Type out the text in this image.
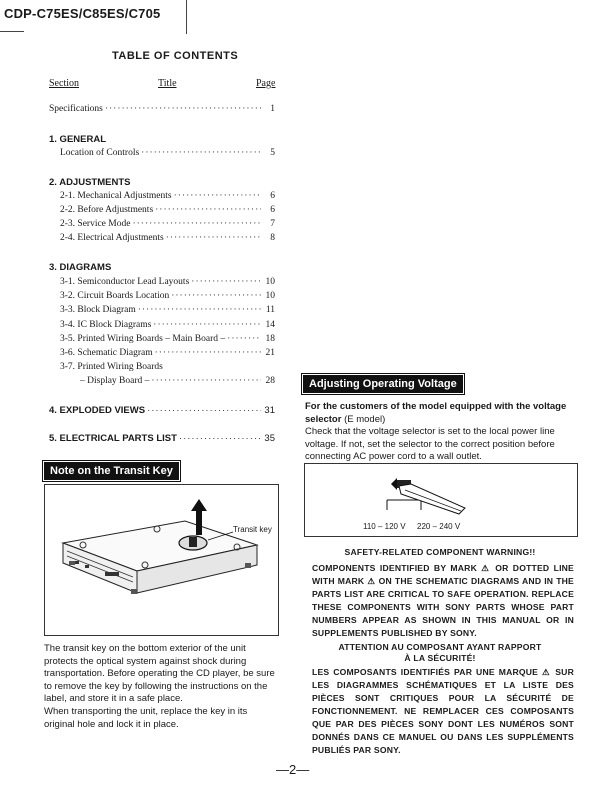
CDP-C75ES/C85ES/C705
TABLE OF CONTENTS
Section	Title	Page
Specifications ·····	1
1. GENERAL
Location of Controls ·····	5
2. ADJUSTMENTS
2-1. Mechanical Adjustments ·····	6
2-2. Before Adjustments ·····	6
2-3. Service Mode ·····	7
2-4. Electrical Adjustments ·····	8
3. DIAGRAMS
3-1. Semiconductor Lead Layouts ·····	10
3-2. Circuit Boards Location ·····	10
3-3. Block Diagram ·····	11
3-4. IC Block Diagrams ·····	14
3-5. Printed Wiring Boards – Main Board – ·····	18
3-6. Schematic Diagram ·····	21
3-7. Printed Wiring Boards
– Display Board – ·····	28
4. EXPLODED VIEWS ·····	31
5. ELECTRICAL PARTS LIST ·····	35
Note on the Transit Key
Transit key
The transit key on the bottom exterior of the unit protects the optical system against shock during transportation. Before operating the CD player, be sure to remove the key by following the instructions on the label, and store it in a safe place.
When transporting the unit, replace the key in its original hole and lock it in place.
Adjusting Operating Voltage
For the customers of the model equipped with the voltage selector (E model)
Check that the voltage selector is set to the local power line voltage. If not, set the selector to the correct position before connecting AC power cord to a wall outlet.
110 – 120 V 220 – 240 V
SAFETY-RELATED COMPONENT WARNING!!
COMPONENTS IDENTIFIED BY MARK ⚠ OR DOTTED LINE WITH MARK ⚠ ON THE SCHEMATIC DIAGRAMS AND IN THE PARTS LIST ARE CRITICAL TO SAFE OPERATION. REPLACE THESE COMPONENTS WITH SONY PARTS WHOSE PART NUMBERS APPEAR AS SHOWN IN THIS MANUAL OR IN SUPPLEMENTS PUBLISHED BY SONY.
ATTENTION AU COMPOSANT AYANT RAPPORT
À LA SÉCURITÉ!
LES COMPOSANTS IDENTIFIÉS PAR UNE MARQUE ⚠ SUR LES DIAGRAMMES SCHÉMATIQUES ET LA LISTE DES PIÈCES SONT CRITIQUES POUR LA SÉCURITÉ DE FONCTIONNEMENT. NE REMPLACER CES COMPOSANTS QUE PAR DES PIÈCES SONY DONT LES NUMÉROS SONT DONNÉS DANS CE MANUEL OU DANS LES SUPPLÉMENTS PUBLIÉS PAR SONY.
—2—
